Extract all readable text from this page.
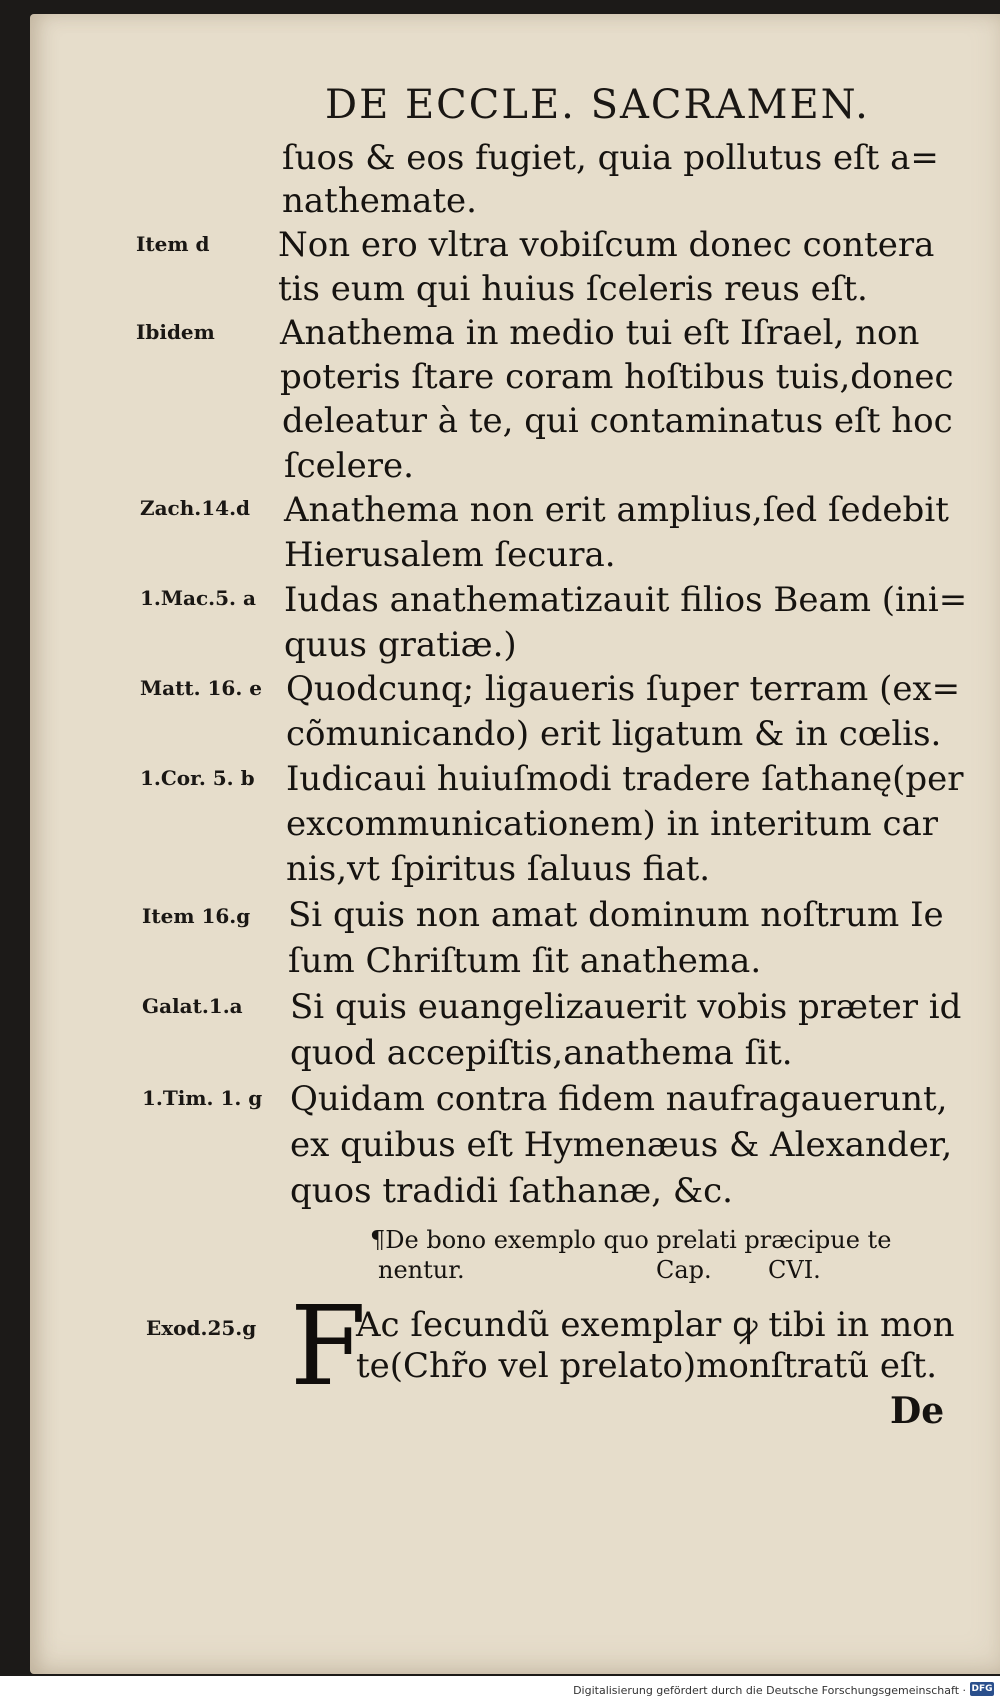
DE ECCLE. SACRAMEN.
ſuos & eos fugiet, quia pollutus eſt a=
nathemate.
Non ero vltra vobiſcum donec contera
tis eum qui huius ſceleris reus eſt.
Anathema in medio tui eſt Iſrael, non
poteris ſtare coram hoſtibus tuis,donec
deleatur à te, qui contaminatus eſt hoc
ſcelere.
Anathema non erit amplius,ſed ſedebit
Hierusalem ſecura.
Iudas anathematizauit filios Beam (ini=
quus gratiæ.)
Quodcunq; ligaueris ſuper terram (ex=
cõmunicando) erit ligatum & in cœlis.
Iudicaui huiuſmodi tradere ſathanę(per
excommunicationem) in interitum car
nis,vt ſpiritus ſaluus fiat.
Si quis non amat dominum noſtrum Ie
ſum Chriſtum ſit anathema.
Si quis euangelizauerit vobis præter id
quod accepiſtis,anathema ſit.
Quidam contra fidem naufragauerunt,
ex quibus eſt Hymenæus & Alexander,
quos tradidi ſathanæ, &c.
Item d
Ibidem
Zach.14.d
1.Mac.5. a
Matt. 16. e
1.Cor. 5. b
Item 16.g
Galat.1.a
1.Tim. 1. g
Exod.25.g
¶De bono exemplo quo prelati præcipue te
nentur.	Cap. CVI.
F
Ac ſecundũ exemplar ꝙ tibi in mon
te(Chr̃o vel prelato)monſtratũ eſt.
De
Digitalisierung gefördert durch die Deutsche Forschungsgemeinschaft · DFG
